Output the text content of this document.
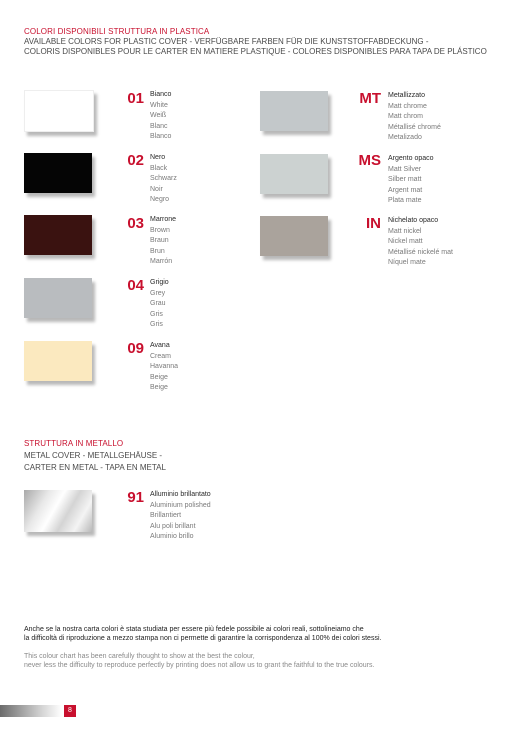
COLORI DISPONIBILI STRUTTURA IN PLASTICA
AVAILABLE COLORS FOR PLASTIC COVER - VERFÜGBARE FARBEN FÜR DIE KUNSTSTOFFABDECKUNG -
COLORIS DISPONIBLES POUR LE CARTER EN MATIERE PLASTIQUE - COLORES DISPONIBLES PARA TAPA DE PLÁSTICO
01 Bianco
White
Weiß
Blanc
Blanco
02 Nero
Black
Schwarz
Noir
Negro
03 Marrone
Brown
Braun
Brun
Marrón
04 Grigio
Grey
Grau
Gris
Gris
09 Avana
Cream
Havanna
Beige
Beige
MT Metallizzato
Matt chrome
Matt chrom
Métallisé chromé
Metalizado
MS Argento opaco
Matt Silver
Silber matt
Argent mat
Plata mate
IN Nichelato opaco
Matt nickel
Nickel matt
Métallisé nickelé mat
Níquel mate
STRUTTURA IN METALLO
METAL COVER - METALLGEHÄUSE -
CARTER EN METAL - TAPA EN METAL
91 Alluminio brillantato
Aluminium polished
Brillantiert
Alu poli brillant
Aluminio brillo
Anche se la nostra carta colori è stata studiata per essere più fedele possibile ai colori reali, sottolineiamo che
la difficoltà di riproduzione a mezzo stampa non ci permette di garantire la corrispondenza al 100% dei colori stessi.
This colour chart has been carefully thought to show at the best the colour,
never less the difficulty to reproduce perfectly by printing does not allow us to grant the faithful to the true colours.
8
